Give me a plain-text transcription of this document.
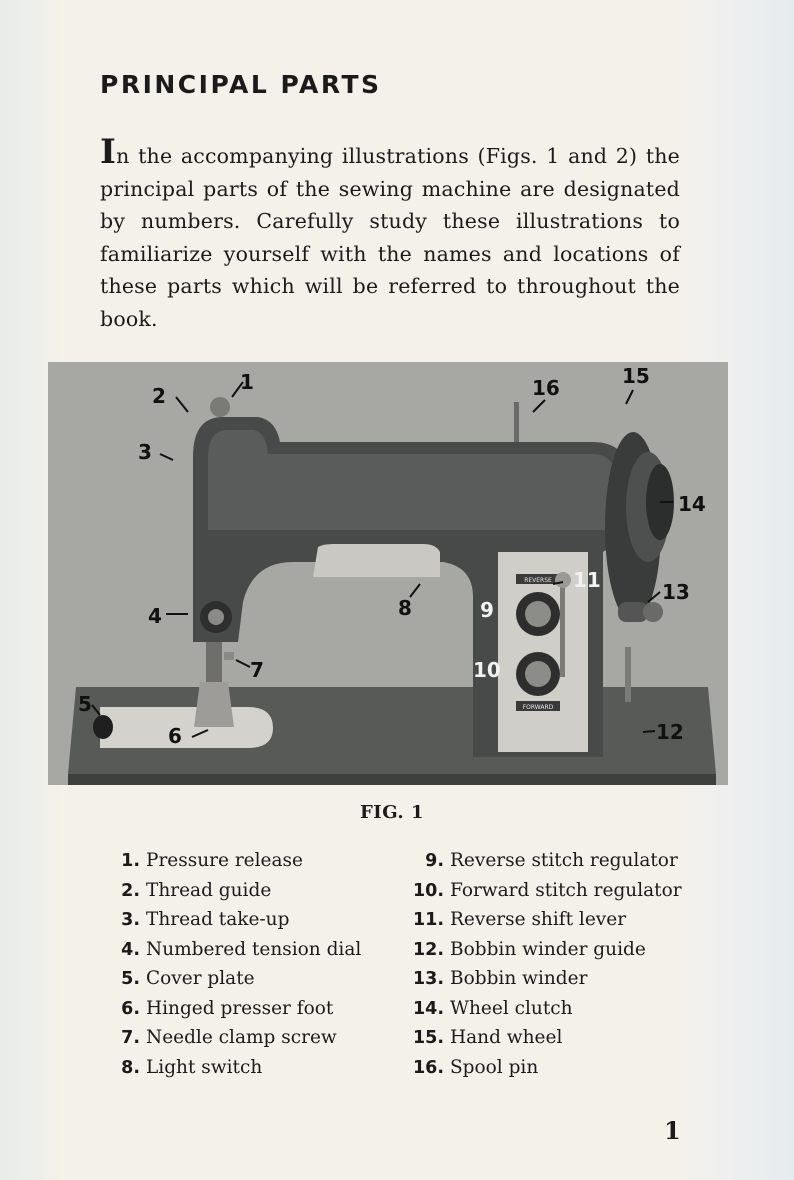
PRINCIPAL PARTS

In the accompanying illustrations (Figs. 1 and 2) the principal parts of the sewing machine are designated by numbers. Carefully study these illustrations to familiarize yourself with the names and locations of these parts which will be referred to throughout the book.

REVERSE
FORWARD
1
2
3
4
5
6
7
8	9
10
11
12
13
14
15
16
FIG. 1
1. Pressure release
2. Thread guide
3. Thread take-up
4. Numbered tension dial
5. Cover plate
6. Hinged presser foot
7. Needle clamp screw
8. Light switch
9. Reverse stitch regulator
10. Forward stitch regulator
11. Reverse shift lever
12. Bobbin winder guide
13. Bobbin winder
14. Wheel clutch
15. Hand wheel
16. Spool pin
1
